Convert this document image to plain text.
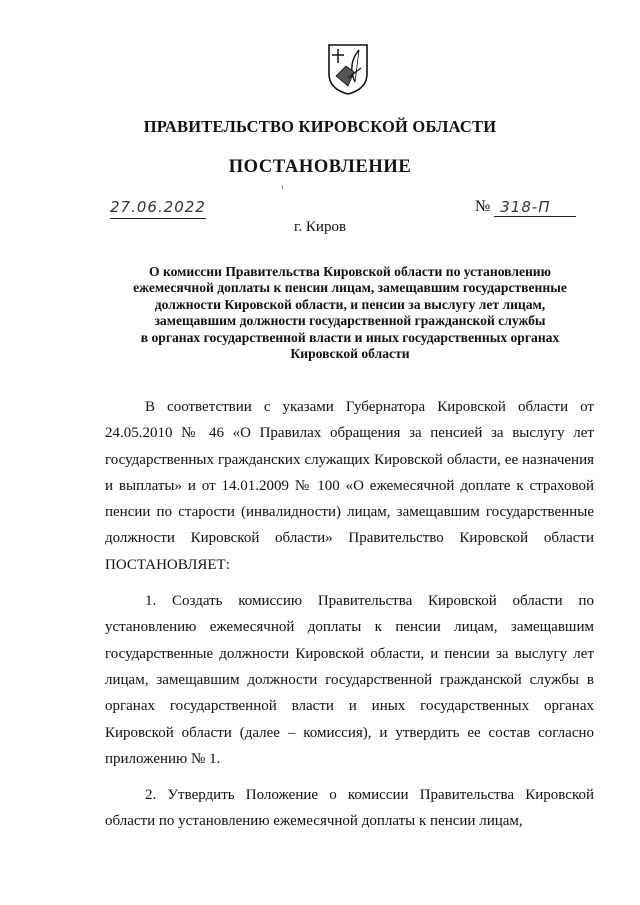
ПРАВИТЕЛЬСТВО КИРОВСКОЙ ОБЛАСТИ
ПОСТАНОВЛЕНИЕ
27.06.2022	№ 318-П
г. Киров
О комиссии Правительства Кировской области по установлению
ежемесячной доплаты к пенсии лицам, замещавшим государственные
должности Кировской области, и пенсии за выслугу лет лицам,
замещавшим должности государственной гражданской службы
в органах государственной власти и иных государственных органах
Кировской области

В соответствии с указами Губернатора Кировской области от 24.05.2010 № 46 «О Правилах обращения за пенсией за выслугу лет государственных гражданских служащих Кировской области, ее назначения и выплаты» и от 14.01.2009 № 100 «О ежемесячной доплате к страховой пенсии по старости (инвалидности) лицам, замещавшим государственные должности Кировской области» Правительство Кировской области ПОСТАНОВЛЯЕТ:

1. Создать комиссию Правительства Кировской области по установлению ежемесячной доплаты к пенсии лицам, замещавшим государственные должности Кировской области, и пенсии за выслугу лет лицам, замещавшим должности государственной гражданской службы в органах государственной власти и иных государственных органах Кировской области (далее – комиссия), и утвердить ее состав согласно приложению № 1.

2. Утвердить Положение о комиссии Правительства Кировской области по установлению ежемесячной доплаты к пенсии лицам,
